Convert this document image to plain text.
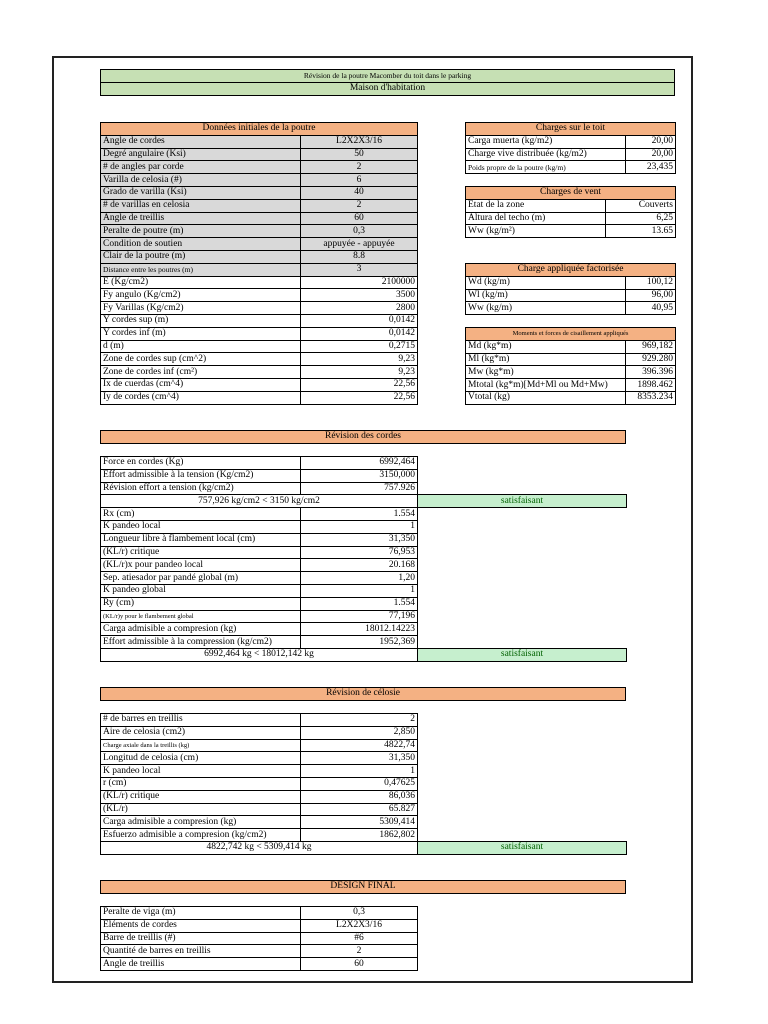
Révision de la poutre Macomber du toit dans le parking
Maison d'habitation
Données initiales de la poutre	
Angle de cordes	L2X2X3/16
Degré angulaire (Ksi)	50
# de angles par corde	2
Varilla de celosia (#)	6
Grado de varilla (Ksi)	40
# de varillas en celosia	2
Angle de treillis	60
Peralte de poutre (m)	0,3
Condition de soutien	appuyée - appuyée
Clair de la poutre (m)	8.8
Distance entre les poutres (m)	3
E (Kg/cm2)	2100000
Fy angulo (Kg/cm2)	3500
Fy Varillas (Kg/cm2)	2800
Y cordes sup (m)	0,0142
Y cordes inf (m)	0,0142
d (m)	0,2715
Zone de cordes sup (cm^2)	9,23
Zone de cordes inf (cm²)	9,23
Ix de cuerdas (cm^4)	22,56
Iy de cordes (cm^4)	22,56
Charges sur le toit	
Carga muerta (kg/m2)	20,00
Charge vive distribuée (kg/m2)	20,00
Poids propre de la poutre (kg/m)	23,435
Charges de vent	
Etat de la zone	Couverts
Altura del techo (m)	6,25
Ww (kg/m²)	13.65
Charge appliquée factorisée	
Wd (kg/m)	100,12
Wl (kg/m)	96,00
Ww (kg/m)	40,95
Moments et forces de cisaillement appliqués	
Md (kg*m)	969,182
Ml (kg*m)	929.280
Mw (kg*m)	396.396
Mtotal (kg*m)[Md+Ml ou Md+Mw)	1898.462
Vtotal (kg)	8353.234
Révision des cordes
Force en cordes (Kg)	6992,464	
Effort admissible à la tension (Kg/cm2)	3150,000	
Révision effort a tension (kg/cm2)	757.926	
757,926 kg/cm2 < 3150 kg/cm2		satisfaisant
Rx (cm)	1.554	
K pandeo local	1	
Longueur libre à flambement local (cm)	31,350	
(KL/r) critique	76,953	
(KL/r)x pour pandeo local	20.168	
Sep. atiesador par pandé global (m)	1,20	
K pandeo global	1	
Ry (cm)	1.554	
(KL/r)y pour le flambement global	77,196	
Carga admisible a compresion (kg)	18012.14223	
Effort admissible à la compression (kg/cm2)	1952,369	
6992,464 kg < 18012,142 kg		satisfaisant
Révision de célosie
# de barres en treillis	2	
Aire de celosia (cm2)	2,850	
Charge axiale dans la treillis (kg)	4822,74	
Longitud de celosia (cm)	31,350	
K pandeo local	1	
r (cm)	0,47625	
(KL/r) critique	86,036	
(KL/r)	65.827	
Carga admisible a compresion (kg)	5309,414	
Esfuerzo admisible a compresion (kg/cm2)	1862,802	
4822,742 kg < 5309,414 kg		satisfaisant
DESIGN FINAL
Peralte de viga (m)	0,3
Eléments de cordes	L2X2X3/16
Barre de treillis (#)	#6
Quantité de barres en treillis	2
Angle de treillis	60
